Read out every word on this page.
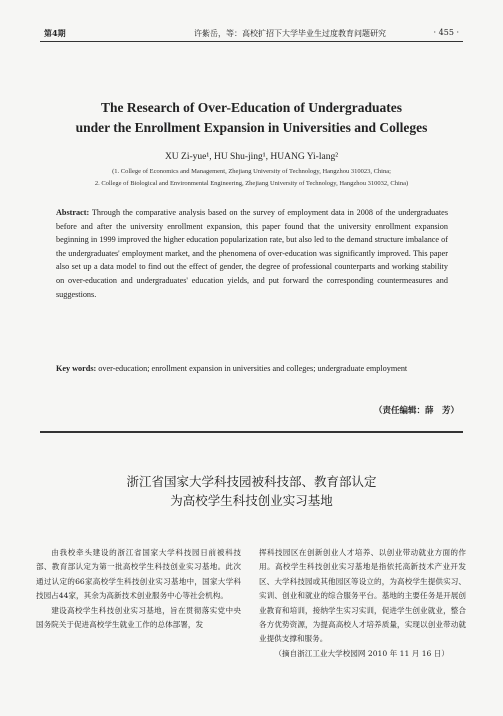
第4期	许紫岳，等：高校扩招下大学毕业生过度教育问题研究	· 455 ·
The Research of Over-Education of Undergraduates
under the Enrollment Expansion in Universities and Colleges
XU Zi-yue¹, HU Shu-jing¹, HUANG Yi-lang²
(1. College of Economics and Management, Zhejiang University of Technology, Hangzhou 310023, China;
2. College of Biological and Environmental Engineering, Zhejiang University of Technology, Hangzhou 310032, China)
Abstract: Through the comparative analysis based on the survey of employment data in 2008 of the undergraduates before and after the university enrollment expansion, this paper found that the university enrollment expansion beginning in 1999 improved the higher education popularization rate, but also led to the demand structure imbalance of the undergraduates' employment market, and the phenomena of over-education was significantly improved. This paper also set up a data model to find out the effect of gender, the degree of professional counterparts and working stability on over-education and undergraduates' education yields, and put forward the corresponding countermeasures and suggestions.
Key words: over-education; enrollment expansion in universities and colleges; undergraduate employment
（责任编辑：薛　芳）
浙江省国家大学科技园被科技部、教育部认定
为高校学生科技创业实习基地

由我校牵头建设的浙江省国家大学科技园日前被科技部、教育部认定为第一批高校学生科技创业实习基地。此次通过认定的66家高校学生科技创业实习基地中，国家大学科技园占44家，其余为高新技术创业服务中心等社会机构。

建设高校学生科技创业实习基地，旨在贯彻落实党中央国务院关于促进高校学生就业工作的总体部署，发

挥科技园区在创新创业人才培养、以创业带动就业方面的作用。高校学生科技创业实习基地是指依托高新技术产业开发区、大学科技园或其他园区等设立的，为高校学生提供实习、实训、创业和就业的综合服务平台。基地的主要任务是开展创业教育和培训，接纳学生实习实训，促进学生创业就业，整合各方优势资源，为提高高校人才培养质量，实现以创业带动就业提供支撑和服务。

（摘自浙江工业大学校园网 2010 年 11 月 16 日）
